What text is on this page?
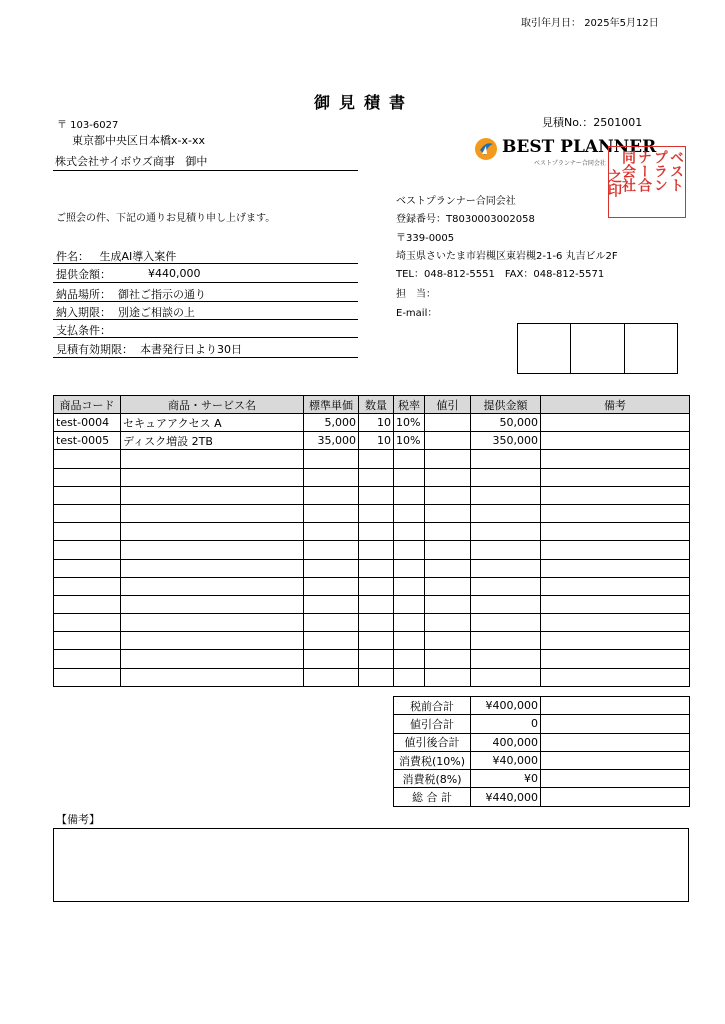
取引年月日： 2025年5月12日
御見積書
見積No.：2501001
〒 103-6027
東京都中央区日本橋x-x-xx
株式会社サイボウズ商事 御中
ご照会の件、下記の通りお見積り申し上げます。
件名： 生成AI導入案件
提供金額：	¥440,000
納品場所： 御社ご指示の通り
納入期限： 別途ご相談の上
支払条件：
見積有効期限： 本書発行日より30日
BEST PLANNER
ベストプランナー合同会社	ベスト
プラン
ナー合
同会社
之印
ベストプランナー合同会社
登録番号：T8030003002058
〒339-0005
埼玉県さいたま市岩槻区東岩槻2-1-6 丸吉ビル2F
TEL：048-812-5551　FAX：048-812-5571
担　当：
E-mail：
商品コード	商品・サービス名	標準単価	数量	税率	値引	提供金額	備考
test-0004	セキュアアクセス A	5,000	10	10%		50,000	
test-0005	ディスク増設 2TB	35,000	10	10%		350,000	

税前合計	¥400,000	
値引合計	0	
値引後合計	400,000	
消費税(10%)	¥40,000	
消費税(8%)	¥0	
総 合 計	¥440,000	
【備考】
